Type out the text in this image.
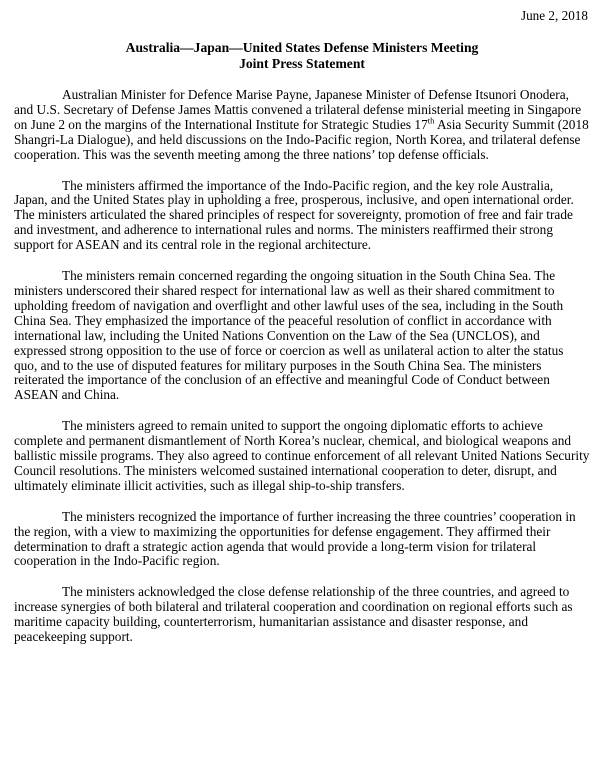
June 2, 2018
Australia—Japan—United States Defense Ministers Meeting
Joint Press Statement

Australian Minister for Defence Marise Payne, Japanese Minister of Defense Itsunori Onodera, and U.S. Secretary of Defense James Mattis convened a trilateral defense ministerial meeting in Singapore on June 2 on the margins of the International Institute for Strategic Studies 17th Asia Security Summit (2018 Shangri-La Dialogue), and held discussions on the Indo-Pacific region, North Korea, and trilateral defense cooperation. This was the seventh meeting among the three nations’ top defense officials.

The ministers affirmed the importance of the Indo-Pacific region, and the key role Australia, Japan, and the United States play in upholding a free, prosperous, inclusive, and open international order. The ministers articulated the shared principles of respect for sovereignty, promotion of free and fair trade and investment, and adherence to international rules and norms. The ministers reaffirmed their strong support for ASEAN and its central role in the regional architecture.

The ministers remain concerned regarding the ongoing situation in the South China Sea. The ministers underscored their shared respect for international law as well as their shared commitment to upholding freedom of navigation and overflight and other lawful uses of the sea, including in the South China Sea. They emphasized the importance of the peaceful resolution of conflict in accordance with international law, including the United Nations Convention on the Law of the Sea (UNCLOS), and expressed strong opposition to the use of force or coercion as well as unilateral action to alter the status quo, and to the use of disputed features for military purposes in the South China Sea. The ministers reiterated the importance of the conclusion of an effective and meaningful Code of Conduct between ASEAN and China.

The ministers agreed to remain united to support the ongoing diplomatic efforts to achieve complete and permanent dismantlement of North Korea’s nuclear, chemical, and biological weapons and ballistic missile programs. They also agreed to continue enforcement of all relevant United Nations Security Council resolutions. The ministers welcomed sustained international cooperation to deter, disrupt, and ultimately eliminate illicit activities, such as illegal ship-to-ship transfers.

The ministers recognized the importance of further increasing the three countries’ cooperation in the region, with a view to maximizing the opportunities for defense engagement. They affirmed their determination to draft a strategic action agenda that would provide a long-term vision for trilateral cooperation in the Indo-Pacific region.

The ministers acknowledged the close defense relationship of the three countries, and agreed to increase synergies of both bilateral and trilateral cooperation and coordination on regional efforts such as maritime capacity building, counterterrorism, humanitarian assistance and disaster response, and peacekeeping support.
